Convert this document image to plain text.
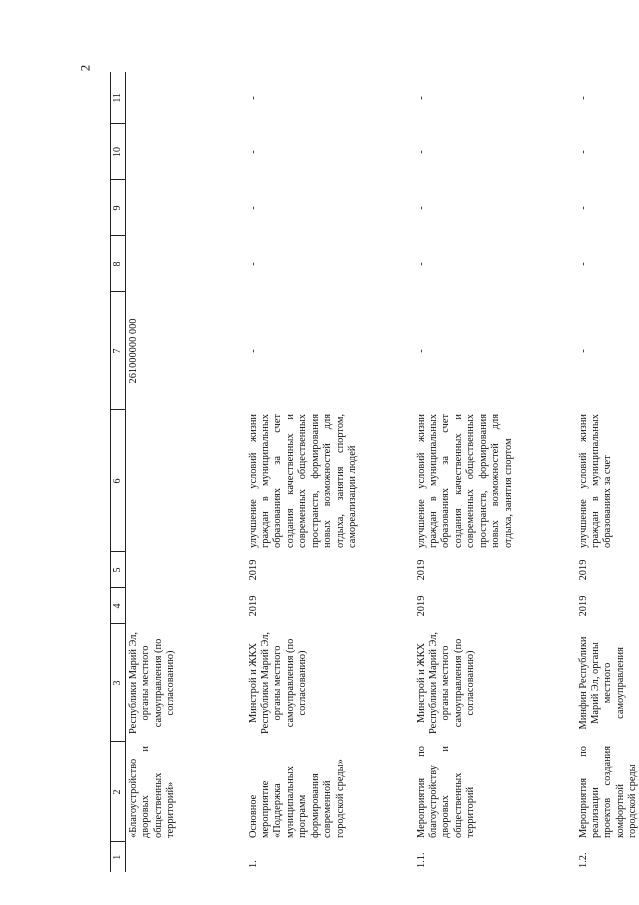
2
1	2	3	4	5	6	7	8	9	10	11
	«Благоустройство дворовых и общественных территорий»	Республики Марий Эл, органы местного самоуправления (по согласованию)				261000000 000				
1.	Основное мероприятие «Поддержка муниципальных программ формирования современной городской среды»	Минстрой и ЖКХ Республики Марий Эл, органы местного самоуправления (по согласованию)	2019	2019	улучшение условий жизни граждан в муниципальных образованиях за счет создания качественных и современных общественных пространств, формирования новых возможностей для отдыха, занятия спортом, самореализации людей	-	-	-	-	-
1.1.	Мероприятия по благоустройству дворовых и общественных территорий	Минстрой и ЖКХ Республики Марий Эл, органы местного самоуправления (по согласованию)	2019	2019	улучшение условий жизни граждан в муниципальных образованиях за счет создания качественных и современных общественных пространств, формирования новых возможностей для отдыха, занятия спортом	-	-	-	-	-
1.2.	Мероприятия по реализации проектов создания комфортной городской среды	Минфин Республики Марий Эл, органы местного самоуправления	2019	2019	улучшение условий жизни граждан в муниципальных образованиях за счет	-	-	-	-	-
